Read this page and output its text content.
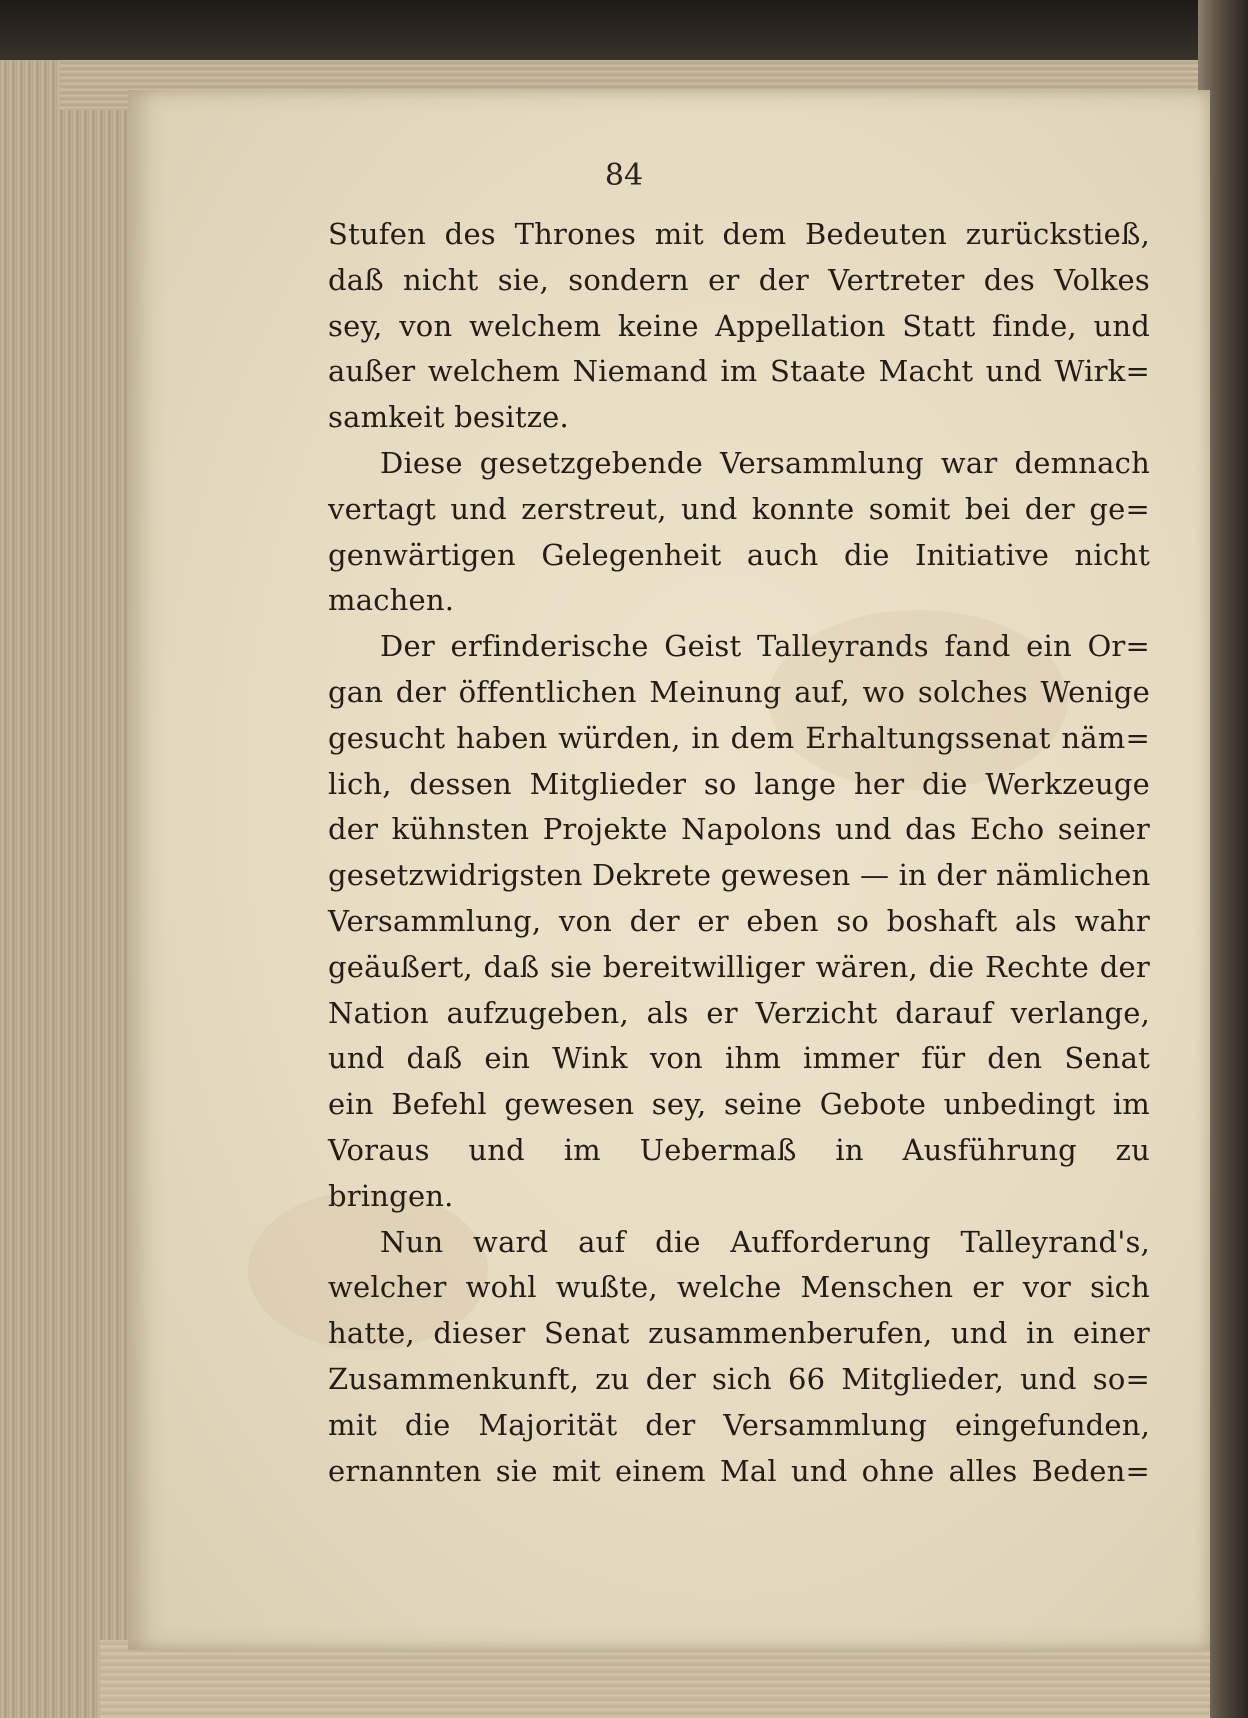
84
Stufen des Thrones mit dem Bedeuten zurückstieß,
daß nicht sie, sondern er der Vertreter des Volkes
sey, von welchem keine Appellation Statt finde, und
außer welchem Niemand im Staate Macht und Wirk=
samkeit besitze.
Diese gesetzgebende Versammlung war demnach
vertagt und zerstreut, und konnte somit bei der ge=
genwärtigen Gelegenheit auch die Initiative nicht
machen.
Der erfinderische Geist Talleyrands fand ein Or=
gan der öffentlichen Meinung auf, wo solches Wenige
gesucht haben würden, in dem Erhaltungssenat näm=
lich, dessen Mitglieder so lange her die Werkzeuge
der kühnsten Projekte Napolons und das Echo seiner
gesetzwidrigsten Dekrete gewesen — in der nämlichen
Versammlung, von der er eben so boshaft als wahr
geäußert, daß sie bereitwilliger wären, die Rechte der
Nation aufzugeben, als er Verzicht darauf verlange,
und daß ein Wink von ihm immer für den Senat
ein Befehl gewesen sey, seine Gebote unbedingt im
Voraus und im Uebermaß in Ausführung zu
bringen.
Nun ward auf die Aufforderung Talleyrand's,
welcher wohl wußte, welche Menschen er vor sich
hatte, dieser Senat zusammenberufen, und in einer
Zusammenkunft, zu der sich 66 Mitglieder, und so=
mit die Majorität der Versammlung eingefunden,
ernannten sie mit einem Mal und ohne alles Beden=
